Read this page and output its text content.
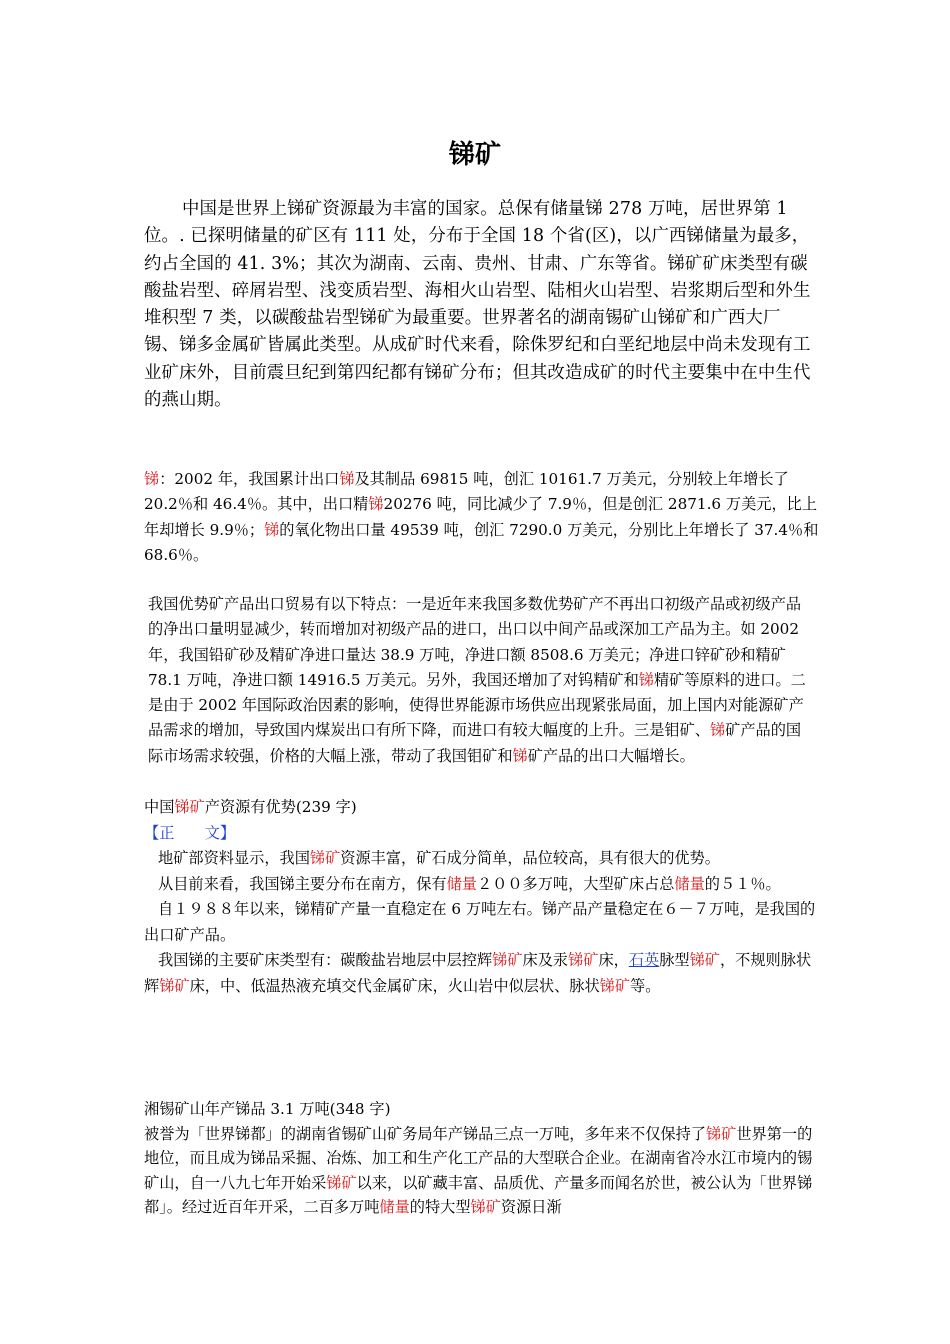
锑矿

中国是世界上锑矿资源最为丰富的国家。总保有储量锑 278 万吨，居世界第 1 位。. 已探明储量的矿区有 111 处，分布于全国 18 个省(区)，以广西锑储量为最多，约占全国的 41. 3%；其次为湖南、云南、贵州、甘肃、广东等省。锑矿矿床类型有碳酸盐岩型、碎屑岩型、浅变质岩型、海相火山岩型、陆相火山岩型、岩浆期后型和外生堆积型 7 类，以碳酸盐岩型锑矿为最重要。世界著名的湖南锡矿山锑矿和广西大厂锡、锑多金属矿皆属此类型。从成矿时代来看，除侏罗纪和白垩纪地层中尚未发现有工业矿床外，目前震旦纪到第四纪都有锑矿分布；但其改造成矿的时代主要集中在中生代的燕山期。

锑：2002 年，我国累计出口锑及其制品 69815 吨，创汇 10161.7 万美元，分别较上年增长了 20.2％和 46.4％。其中，出口精锑20276 吨，同比减少了 7.9％，但是创汇 2871.6 万美元，比上年却增长 9.9％；锑的氧化物出口量 49539 吨，创汇 7290.0 万美元，分别比上年增长了 37.4％和 68.6％。

我国优势矿产品出口贸易有以下特点：一是近年来我国多数优势矿产不再出口初级产品或初级产品的净出口量明显减少，转而增加对初级产品的进口，出口以中间产品或深加工产品为主。如 2002 年，我国铅矿砂及精矿净进口量达 38.9 万吨，净进口额 8508.6 万美元；净进口锌矿砂和精矿 78.1 万吨，净进口额 14916.5 万美元。另外，我国还增加了对钨精矿和锑精矿等原料的进口。二是由于 2002 年国际政治因素的影响，使得世界能源市场供应出现紧张局面，加上国内对能源矿产品需求的增加，导致国内煤炭出口有所下降，而进口有较大幅度的上升。三是钼矿、锑矿产品的国际市场需求较强，价格的大幅上涨，带动了我国钼矿和锑矿产品的出口大幅增长。

中国锑矿产资源有优势(239 字)

【正　　文】

地矿部资料显示，我国锑矿资源丰富，矿石成分简单，品位较高，具有很大的优势。

从目前来看，我国锑主要分布在南方，保有储量２００多万吨，大型矿床占总储量的５１％。

自１９８８年以来，锑精矿产量一直稳定在 6 万吨左右。锑产品产量稳定在６－７万吨，是我国的出口矿产品。

我国锑的主要矿床类型有：碳酸盐岩地层中层控辉锑矿床及汞锑矿床，石英脉型锑矿，不规则脉状辉锑矿床，中、低温热液充填交代金属矿床，火山岩中似层状、脉状锑矿等。

湘锡矿山年产锑品 3.1 万吨(348 字)

被誉为「世界锑都」的湖南省锡矿山矿务局年产锑品三点一万吨，多年来不仅保持了锑矿世界第一的地位，而且成为锑品采掘、冶炼、加工和生产化工产品的大型联合企业。在湖南省冷水江市境内的锡矿山，自一八九七年开始采锑矿以来，以矿藏丰富、品质优、产量多而闻名於世，被公认为「世界锑都」。经过近百年开采，二百多万吨储量的特大型锑矿资源日渐
